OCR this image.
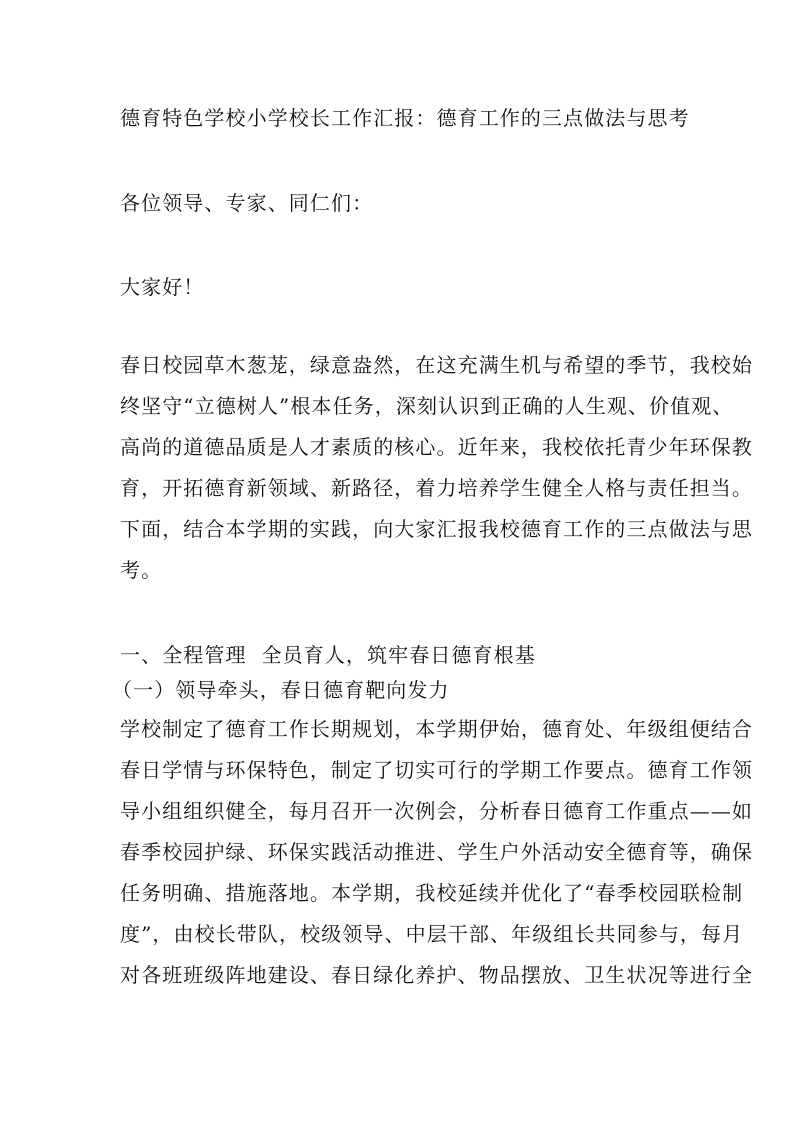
德育特色学校小学校长工作汇报：德育工作的三点做法与思考
各位领导、专家、同仁们：
大家好！
春日校园草木葱茏，绿意盎然，在这充满生机与希望的季节，我校始
终坚守“立德树人”根本任务，深刻认识到正确的人生观、价值观、
高尚的道德品质是人才素质的核心。近年来，我校依托青少年环保教
育，开拓德育新领域、新路径，着力培养学生健全人格与责任担当。
下面，结合本学期的实践，向大家汇报我校德育工作的三点做法与思
考。
一、全程管理  全员育人，筑牢春日德育根基
（一）领导牵头，春日德育靶向发力
学校制定了德育工作长期规划，本学期伊始，德育处、年级组便结合
春日学情与环保特色，制定了切实可行的学期工作要点。德育工作领
导小组组织健全，每月召开一次例会，分析春日德育工作重点——如
春季校园护绿、环保实践活动推进、学生户外活动安全德育等，确保
任务明确、措施落地。本学期，我校延续并优化了“春季校园联检制
度”，由校长带队，校级领导、中层干部、年级组长共同参与，每月
对各班班级阵地建设、春日绿化养护、物品摆放、卫生状况等进行全
